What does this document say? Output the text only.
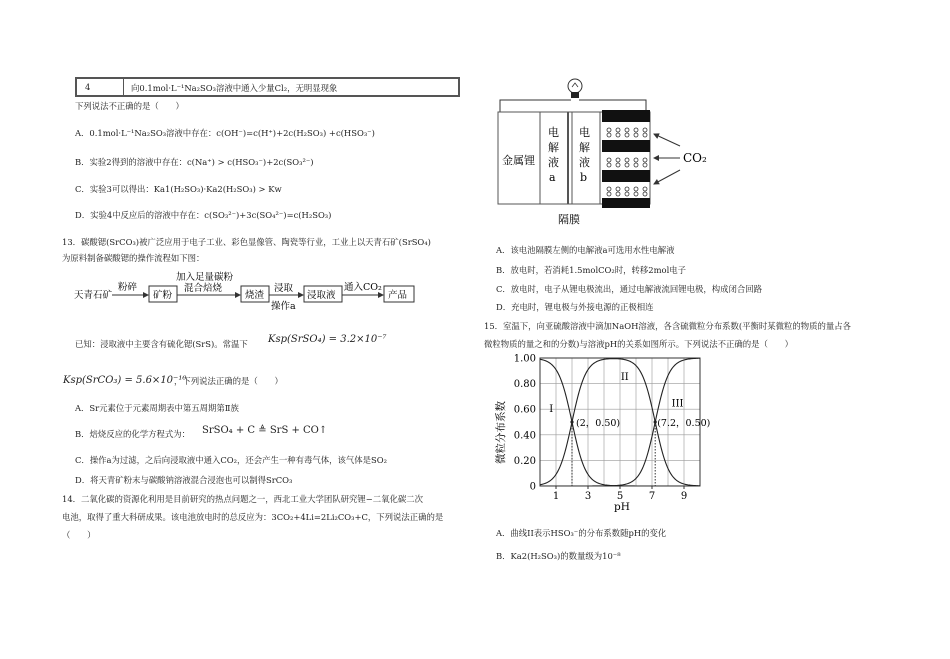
4	向0.1mol·L⁻¹Na₂SO₃溶液中通入少量Cl₂，无明显现象
下列说法不正确的是（　　）
A．0.1mol·L⁻¹Na₂SO₃溶液中存在：c(OH⁻)=c(H⁺)+2c(H₂SO₃) +c(HSO₃⁻)
B．实验2得到的溶液中存在：c(Na⁺) > c(HSO₃⁻)+2c(SO₃²⁻)
C．实验3可以得出：Ka1(H₂SO₃)·Ka2(H₂SO₃) > Kw
D．实验4中反应后的溶液中存在：c(SO₃²⁻)+3c(SO₄²⁻)=c(H₂SO₃)
13．碳酸锶(SrCO₃)被广泛应用于电子工业、彩色显像管、陶瓷等行业，工业上以天青石矿(SrSO₄)
为原料制备碳酸锶的操作流程如下图：
天青石矿
粉碎
矿粉
加入足量碳粉
混合焙烧
烧渣
浸取
操作a
浸取液
通入CO₂
产品
已知：浸取液中主要含有硫化锶(SrS)。常温下 Ksp(SrSO₄) = 3.2×10⁻⁷
Ksp(SrCO₃) = 5.6×10⁻¹⁰
，下列说法正确的是（　　）
A．Sr元素位于元素周期表中第五周期第Ⅱ族
B．焙烧反应的化学方程式为： SrSO₄ + C ≜ SrS + CO↑
C．操作a为过滤，之后向浸取液中通入CO₂，还会产生一种有毒气体，该气体是SO₂
D．将天青矿粉末与碳酸钠溶液混合浸泡也可以制得SrCO₃
14．二氧化碳的资源化利用是目前研究的热点问题之一，西北工业大学团队研究锂−二氧化碳二次
电池，取得了重大科研成果。该电池放电时的总反应为：3CO₂+4Li=2Li₂CO₃+C，下列说法正确的是
（　　）
金属锂
电
解
液
a
电
解
液
b
CO₂
隔膜
A．该电池隔膜左侧的电解液a可选用水性电解液
B．放电时，若消耗1.5molCO₂时，转移2mol电子
C．放电时，电子从锂电极流出，通过电解液流回锂电极，构成闭合回路
D．充电时，锂电极与外接电源的正极相连
15．室温下，向亚硫酸溶液中滴加NaOH溶液，各含硫微粒分布系数(平衡时某微粒的物质的量占各
微粒物质的量之和的分数)与溶液pH的关系如图所示。下列说法不正确的是（　　）
0
0.20
0.40
0.60
0.80
1.00
1	3	5	7	9
I
II
III
(2，0.50)	(7.2，0.50)
微粒分布系数
pH
A．曲线II表示HSO₃⁻的分布系数随pH的变化
B．Ka2(H₂SO₃)的数量级为10⁻⁸
